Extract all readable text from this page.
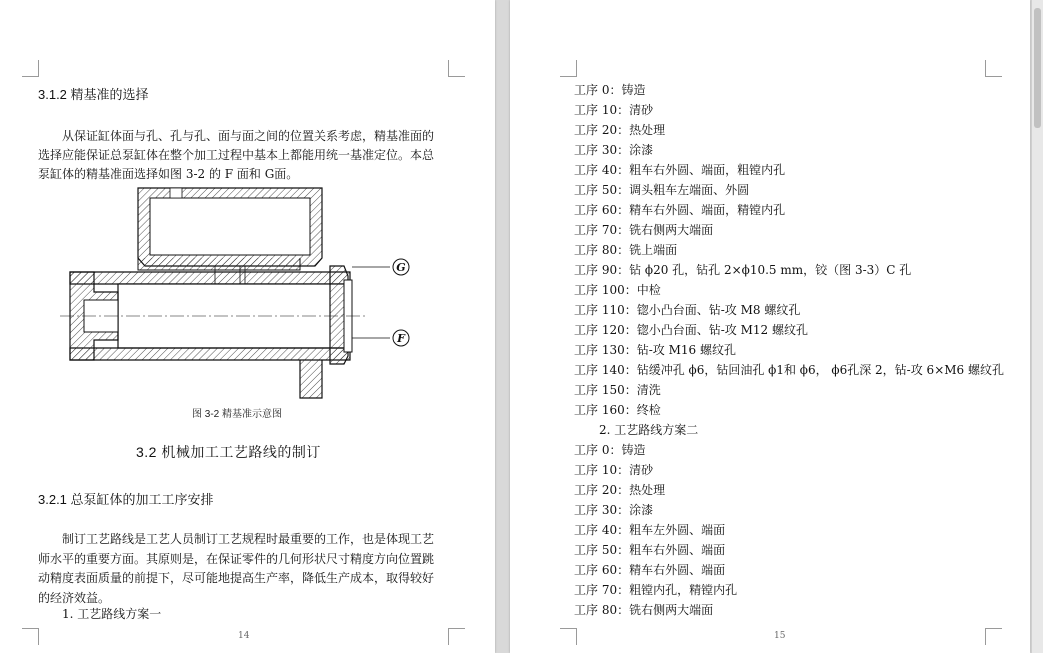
3.1.2 精基准的选择
从保证缸体面与孔、孔与孔、面与面之间的位置关系考虑，精基准面的
选择应能保证总泵缸体在整个加工过程中基本上都能用统一基准定位。本总
泵缸体的精基准面选择如图 3-2 的 F 面和 G面。
G
F
图 3-2 精基准示意图
3.2 机械加工工艺路线的制订
3.2.1 总泵缸体的加工工序安排
制订工艺路线是工艺人员制订工艺规程时最重要的工作，也是体现工艺
师水平的重要方面。其原则是，在保证零件的几何形状尺寸精度方向位置跳
动精度表面质量的前提下，尽可能地提高生产率，降低生产成本，取得较好
的经济效益。
1. 工艺路线方案一
14
工序 0：铸造
工序 10：清砂
工序 20：热处理
工序 30：涂漆
工序 40：粗车右外圆、端面，粗镗内孔
工序 50：调头粗车左端面、外圆
工序 60：精车右外圆、端面，精镗内孔
工序 70：铣右侧两大端面
工序 80：铣上端面
工序 90：钻 ϕ20 孔，钻孔 2×ϕ10.5 mm，铰（图 3-3）C 孔
工序 100：中检
工序 110：锪小凸台面、钻-攻 M8 螺纹孔
工序 120：锪小凸台面、钻-攻 M12 螺纹孔
工序 130：钻-攻 M16 螺纹孔
工序 140：钻缓冲孔 ϕ6，钻回油孔 ϕ1和 ϕ6， ϕ6孔深 2，钻-攻 6×M6 螺纹孔
工序 150：清洗
工序 160：终检
2. 工艺路线方案二
工序 0：铸造
工序 10：清砂
工序 20：热处理
工序 30：涂漆
工序 40：粗车左外圆、端面
工序 50：粗车右外圆、端面
工序 60：精车右外圆、端面
工序 70：粗镗内孔，精镗内孔
工序 80：铣右侧两大端面
15
